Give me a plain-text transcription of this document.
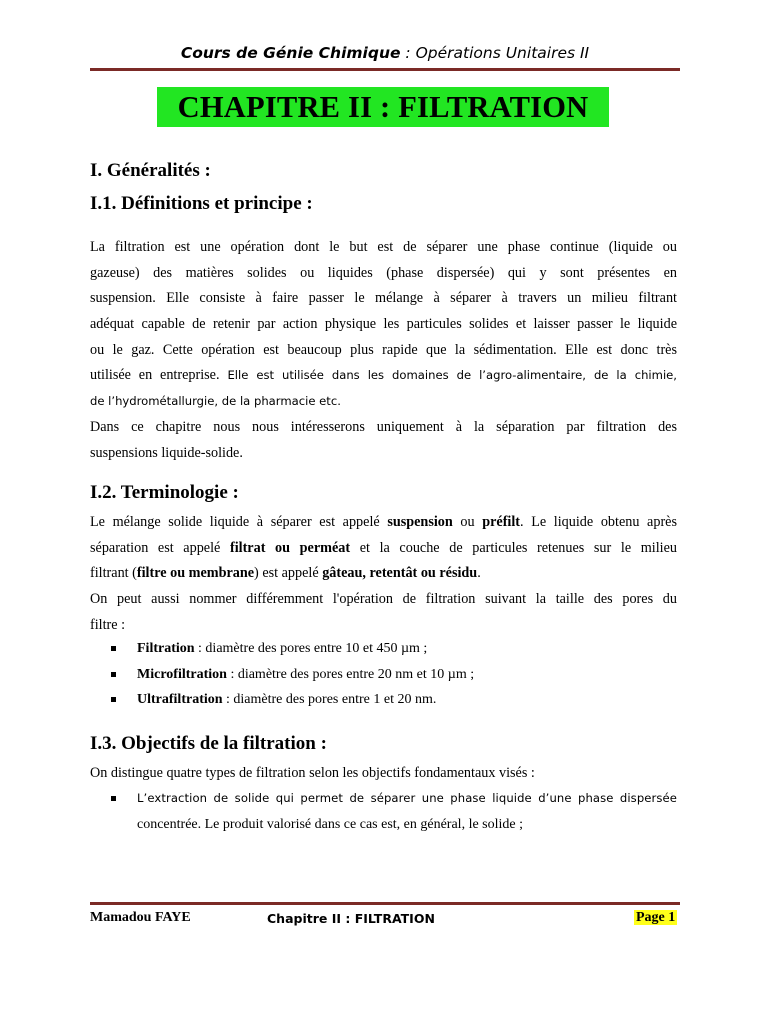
Cours de Génie Chimique : Opérations Unitaires II
CHAPITRE II : FILTRATION
I. Généralités :
I.1. Définitions et principe :
La filtration est une opération dont le but est de séparer une phase continue (liquide ou
gazeuse) des matières solides ou liquides (phase dispersée) qui y sont présentes en
suspension. Elle consiste à faire passer le mélange à séparer à travers un milieu filtrant
adéquat capable de retenir par action physique les particules solides et laisser passer le liquide
ou le gaz. Cette opération est beaucoup plus rapide que la sédimentation. Elle est donc très
utilisée en entreprise. Elle est utilisée dans les domaines de l’agro-alimentaire, de la chimie,
de l’hydrométallurgie, de la pharmacie etc.
Dans ce chapitre nous nous intéresserons uniquement à la séparation par filtration des
suspensions liquide-solide.
I.2. Terminologie :
Le mélange solide liquide à séparer est appelé suspension ou préfilt. Le liquide obtenu après
séparation est appelé filtrat ou perméat et la couche de particules retenues sur le milieu
filtrant (filtre ou membrane) est appelé gâteau, retentât ou résidu.
On peut aussi nommer différemment l'opération de filtration suivant la taille des pores du
filtre :
Filtration : diamètre des pores entre 10 et 450 µm ;
Microfiltration : diamètre des pores entre 20 nm et 10 µm ;
Ultrafiltration : diamètre des pores entre 1 et 20 nm.
I.3. Objectifs de la filtration :
On distingue quatre types de filtration selon les objectifs fondamentaux visés :
L’extraction de solide qui permet de séparer une phase liquide d’une phase dispersée
concentrée. Le produit valorisé dans ce cas est, en général, le solide ;
Mamadou FAYE	Chapitre II : FILTRATION	Page 1
